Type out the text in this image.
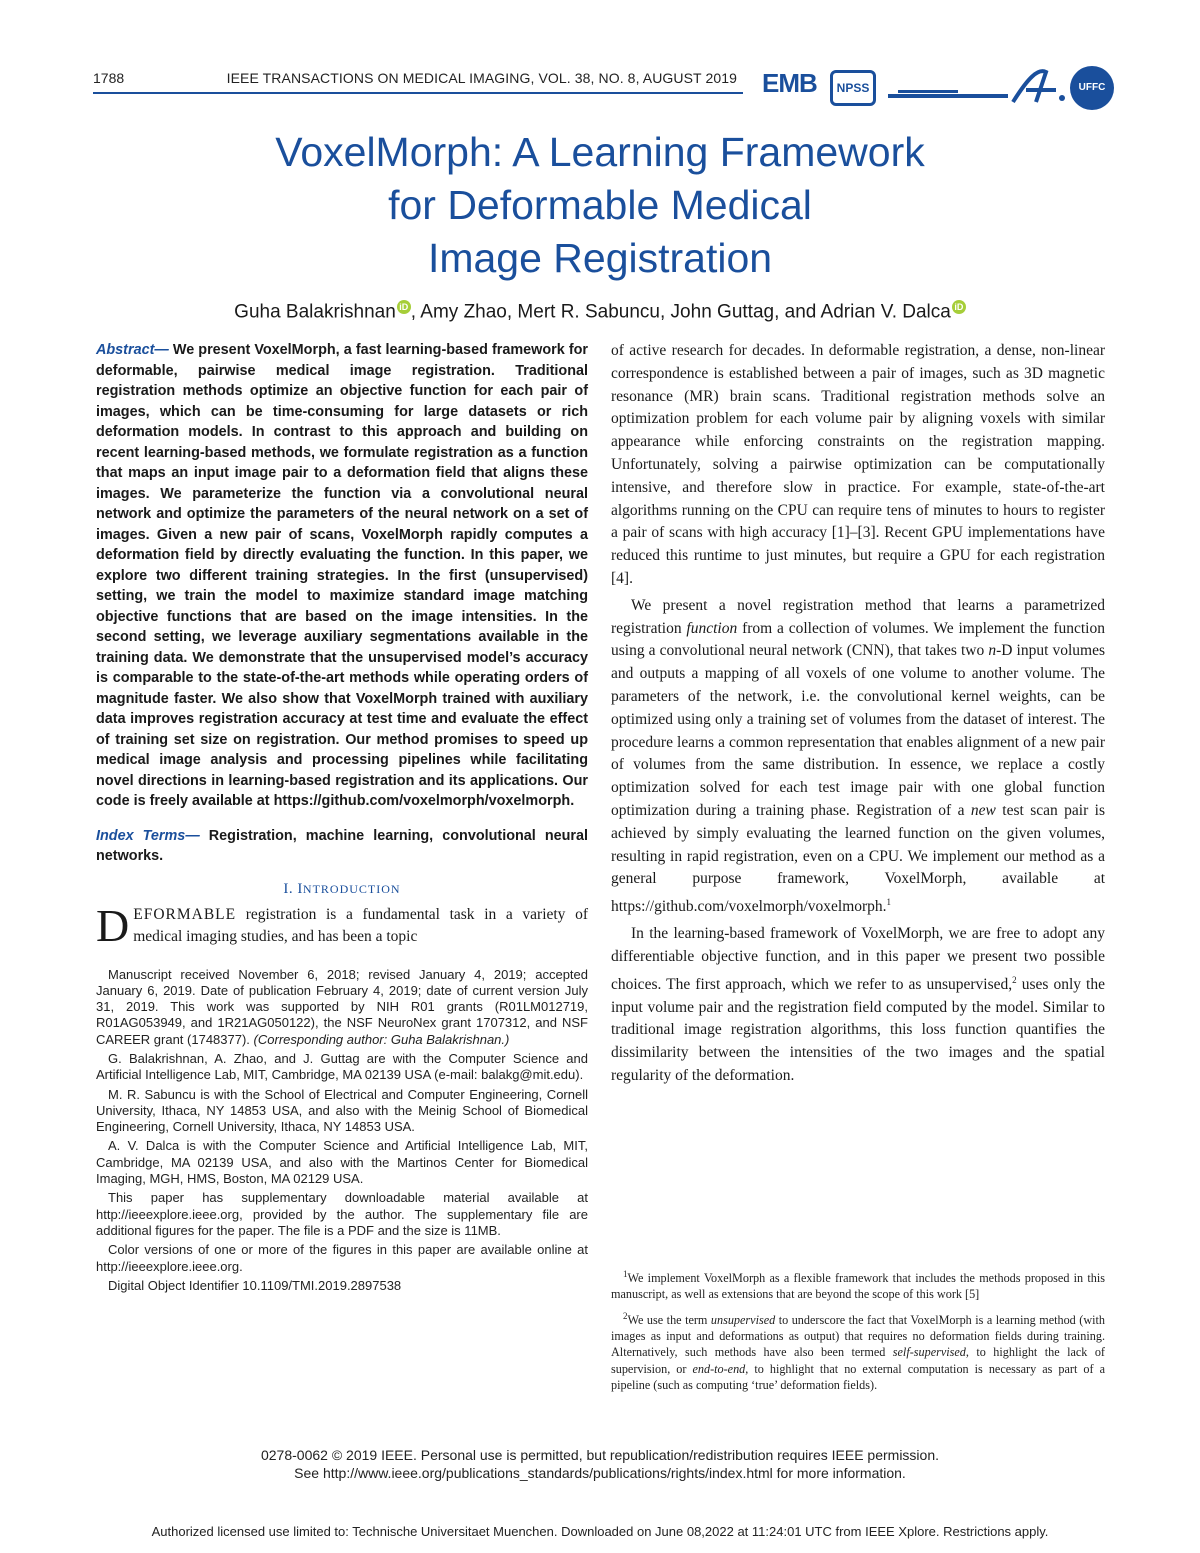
1788	IEEE TRANSACTIONS ON MEDICAL IMAGING, VOL. 38, NO. 8, AUGUST 2019 EMB	NPSS	UFFC
VoxelMorph: A Learning Framework
for Deformable Medical
Image Registration
Guha Balakrishnan iD , Amy Zhao, Mert R. Sabuncu, John Guttag, and Adrian V. Dalca iD

Abstract— We present VoxelMorph, a fast learning-based framework for deformable, pairwise medical image registration. Traditional registration methods optimize an objective function for each pair of images, which can be time-consuming for large datasets or rich deformation models. In contrast to this approach and building on recent learning-based methods, we formulate registration as a function that maps an input image pair to a deformation field that aligns these images. We parameterize the function via a convolutional neural network and optimize the parameters of the neural network on a set of images. Given a new pair of scans, VoxelMorph rapidly computes a deformation field by directly evaluating the function. In this paper, we explore two different training strategies. In the first (unsupervised) setting, we train the model to maximize standard image matching objective functions that are based on the image intensities. In the second setting, we leverage auxiliary segmentations available in the training data. We demonstrate that the unsupervised model’s accuracy is comparable to the state-of-the-art methods while operating orders of magnitude faster. We also show that VoxelMorph trained with auxiliary data improves registration accuracy at test time and evaluate the effect of training set size on registration. Our method promises to speed up medical image analysis and processing pipelines while facilitating novel directions in learning-based registration and its applications. Our code is freely available at https://github.com/voxelmorph/voxelmorph.

Index Terms— Registration, machine learning, convolutional neural networks.

I. INTRODUCTION

DEFORMABLE registration is a fundamental task in a variety of medical imaging studies, and has been a topic

Manuscript received November 6, 2018; revised January 4, 2019; accepted January 6, 2019. Date of publication February 4, 2019; date of current version July 31, 2019. This work was supported by NIH R01 grants (R01LM012719, R01AG053949, and 1R21AG050122), the NSF NeuroNex grant 1707312, and NSF CAREER grant (1748377). (Corresponding author: Guha Balakrishnan.)

G. Balakrishnan, A. Zhao, and J. Guttag are with the Computer Science and Artificial Intelligence Lab, MIT, Cambridge, MA 02139 USA (e-mail: balakg@mit.edu).

M. R. Sabuncu is with the School of Electrical and Computer Engineering, Cornell University, Ithaca, NY 14853 USA, and also with the Meinig School of Biomedical Engineering, Cornell University, Ithaca, NY 14853 USA.

A. V. Dalca is with the Computer Science and Artificial Intelligence Lab, MIT, Cambridge, MA 02139 USA, and also with the Martinos Center for Biomedical Imaging, MGH, HMS, Boston, MA 02129 USA.

This paper has supplementary downloadable material available at http://ieeexplore.ieee.org, provided by the author. The supplementary file are additional figures for the paper. The file is a PDF and the size is 11MB.

Color versions of one or more of the figures in this paper are available online at http://ieeexplore.ieee.org.

Digital Object Identifier 10.1109/TMI.2019.2897538

of active research for decades. In deformable registration, a dense, non-linear correspondence is established between a pair of images, such as 3D magnetic resonance (MR) brain scans. Traditional registration methods solve an optimization problem for each volume pair by aligning voxels with similar appearance while enforcing constraints on the registration mapping. Unfortunately, solving a pairwise optimization can be computationally intensive, and therefore slow in practice. For example, state-of-the-art algorithms running on the CPU can require tens of minutes to hours to register a pair of scans with high accuracy [1]–[3]. Recent GPU implementations have reduced this runtime to just minutes, but require a GPU for each registration [4].

We present a novel registration method that learns a parametrized registration function from a collection of volumes. We implement the function using a convolutional neural network (CNN), that takes two n-D input volumes and outputs a mapping of all voxels of one volume to another volume. The parameters of the network, i.e. the convolutional kernel weights, can be optimized using only a training set of volumes from the dataset of interest. The procedure learns a common representation that enables alignment of a new pair of volumes from the same distribution. In essence, we replace a costly optimization solved for each test image pair with one global function optimization during a training phase. Registration of a new test scan pair is achieved by simply evaluating the learned function on the given volumes, resulting in rapid registration, even on a CPU. We implement our method as a general purpose framework, VoxelMorph, available at https://github.com/voxelmorph/voxelmorph.$^1$

In the learning-based framework of VoxelMorph, we are free to adopt any differentiable objective function, and in this paper we present two possible choices. The first approach, which we refer to as unsupervised,$^2$ uses only the input volume pair and the registration field computed by the model. Similar to traditional image registration algorithms, this loss function quantifies the dissimilarity between the intensities of the two images and the spatial regularity of the deformation.

$^1$We implement VoxelMorph as a flexible framework that includes the methods proposed in this manuscript, as well as extensions that are beyond the scope of this work [5]

$^2$We use the term unsupervised to underscore the fact that VoxelMorph is a learning method (with images as input and deformations as output) that requires no deformation fields during training. Alternatively, such methods have also been termed self-supervised, to highlight the lack of supervision, or end-to-end, to highlight that no external computation is necessary as part of a pipeline (such as computing ‘true’ deformation fields).

0278-0062 © 2019 IEEE. Personal use is permitted, but republication/redistribution requires IEEE permission.
See http://www.ieee.org/publications_standards/publications/rights/index.html for more information.
Authorized licensed use limited to: Technische Universitaet Muenchen. Downloaded on June 08,2022 at 11:24:01 UTC from IEEE Xplore. Restrictions apply.
